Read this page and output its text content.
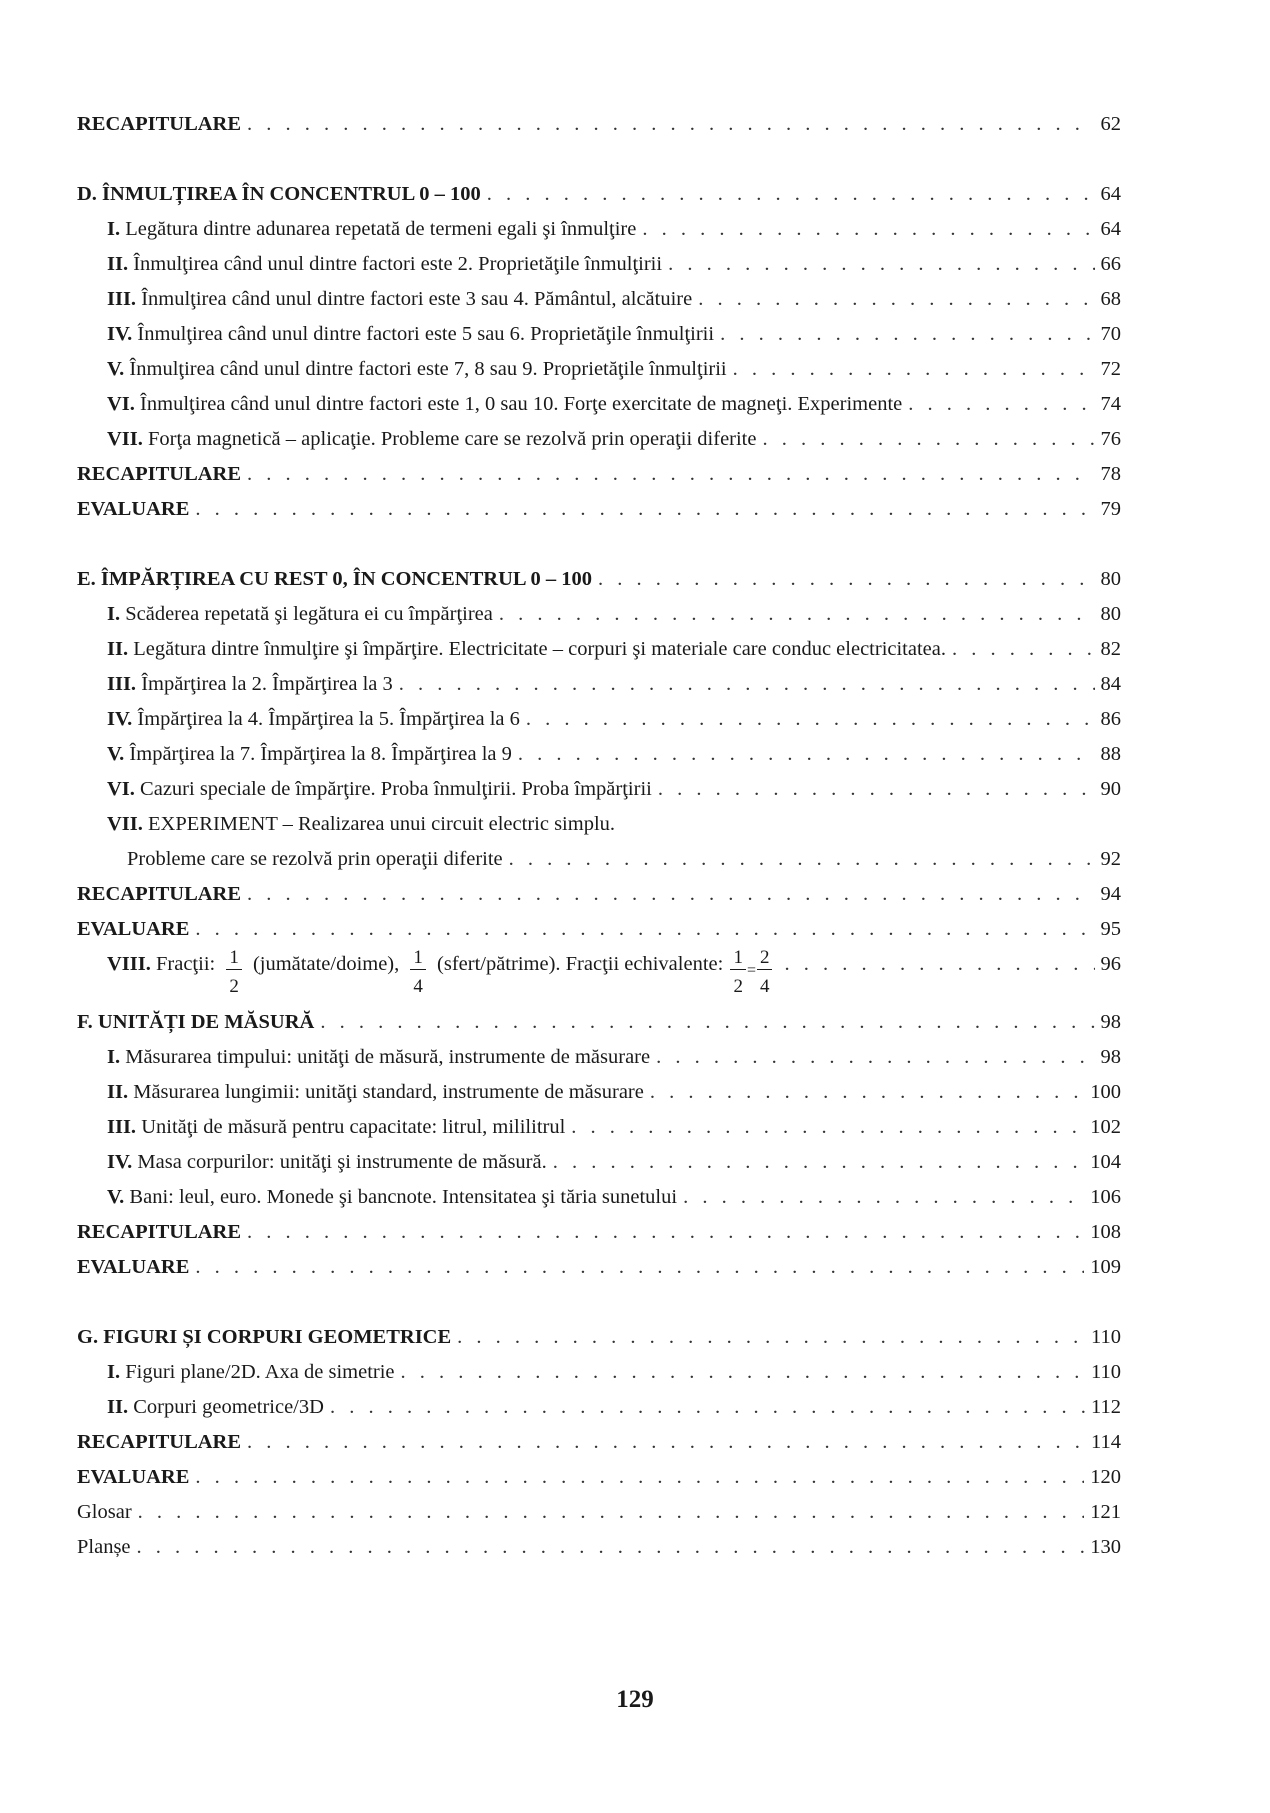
RECAPITULARE . . .	62
D. ÎNMULȚIREA ÎN CONCENTRUL 0 – 100 . . .	64
I. Legătura dintre adunarea repetată de termeni egali şi înmulţire . . .	64
II. Înmulţirea când unul dintre factori este 2. Proprietăţile înmulţirii . . .	66
III. Înmulţirea când unul dintre factori este 3 sau 4. Pământul, alcătuire . . .	68
IV. Înmulţirea când unul dintre factori este 5 sau 6. Proprietăţile înmulţirii . . .	70
V. Înmulţirea când unul dintre factori este 7, 8 sau 9. Proprietăţile înmulţirii . . .	72
VI. Înmulţirea când unul dintre factori este 1, 0 sau 10. Forţe exercitate de magneţi. Experimente . . .	74
VII. Forţa magnetică – aplicaţie. Probleme care se rezolvă prin operaţii diferite . . .	76
RECAPITULARE . . .	78
EVALUARE . . .	79
E. ÎMPĂRȚIREA CU REST 0, ÎN CONCENTRUL 0 – 100 . . .	80
I. Scăderea repetată şi legătura ei cu împărţirea . . .	80
II. Legătura dintre înmulţire şi împărţire. Electricitate – corpuri şi materiale care conduc electricitatea. . . .	82
III. Împărţirea la 2. Împărţirea la 3 . . .	84
IV. Împărţirea la 4. Împărţirea la 5. Împărţirea la 6 . . .	86
V. Împărţirea la 7. Împărţirea la 8. Împărţirea la 9 . . .	88
VI. Cazuri speciale de împărţire. Proba înmulţirii. Proba împărţirii . . .	90
VII. EXPERIMENT – Realizarea unui circuit electric simplu.
Probleme care se rezolvă prin operaţii diferite . . .	92
RECAPITULARE . . .	94
EVALUARE . . .	95
VIII. Fracţii: $\frac{1}{2}$ (jumătate/doime), $\frac{1}{4}$ (sfert/pătrime). Fracţii echivalente: $\frac{1}{2} = \frac{2}{4}$ . . .	96
F. UNITĂȚI DE MĂSURĂ . . .	98
I. Măsurarea timpului: unităţi de măsură, instrumente de măsurare . . .	98
II. Măsurarea lungimii: unităţi standard, instrumente de măsurare . . .	100
III. Unităţi de măsură pentru capacitate: litrul, mililitrul . . .	102
IV. Masa corpurilor: unităţi şi instrumente de măsură. . . .	104
V. Bani: leul, euro. Monede şi bancnote. Intensitatea şi tăria sunetului . . .	106
RECAPITULARE . . .	108
EVALUARE . . .	109
G. FIGURI ȘI CORPURI GEOMETRICE . . .	110
I. Figuri plane/2D. Axa de simetrie . . .	110
II. Corpuri geometrice/3D . . .	112
RECAPITULARE . . .	114
EVALUARE . . .	120
Glosar . . .	121
Planșe . . .	130
129
